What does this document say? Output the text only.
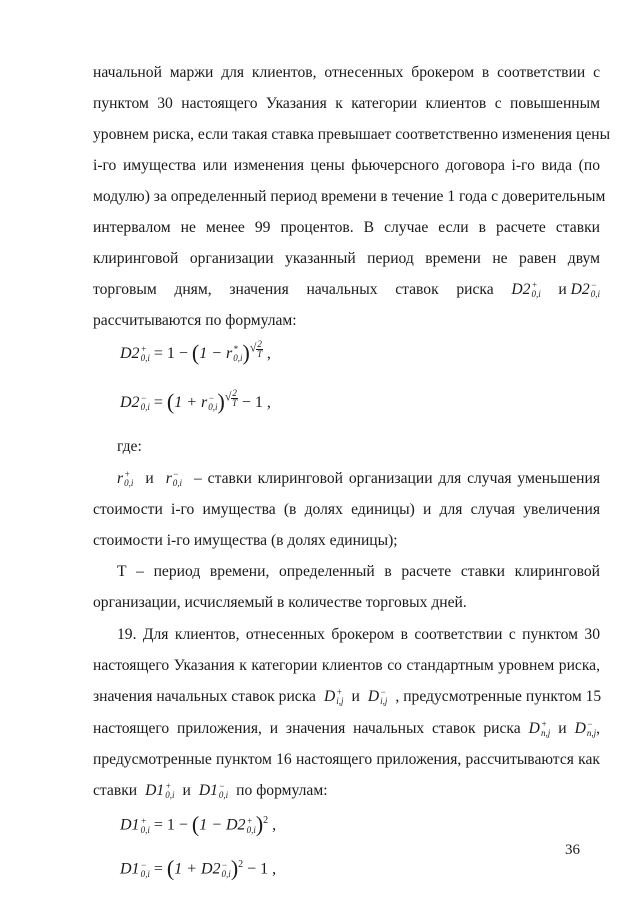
начальной маржи для клиентов, отнесенных брокером в соответствии с
пунктом 30 настоящего Указания к категории клиентов с повышенным
уровнем риска, если такая ставка превышает соответственно изменения цены
i-го имущества или изменения цены фьючерсного договора i-го вида (по
модулю) за определенный период времени в течение 1 года с доверительным
интервалом не менее 99 процентов. В случае если в расчете ставки
клиринговой организации указанный период времени не равен двум
торговым дням, значения начальных ставок риска D2 +
0,i и D2 −
0,i
рассчитываются по формулам:
D2 +
0,i = 1 − (1 − r *
0,i )√ $\frac{2}{T}$ ,
D2 −
0,i = (1 + r −
0,i )√ $\frac{2}{T} - 1$ ,
где:
r +
0,i и r −
0,i – ставки клиринговой организации для случая уменьшения
стоимости i-го имущества (в долях единицы) и для случая увеличения
стоимости i-го имущества (в долях единицы);
Т – период времени, определенный в расчете ставки клиринговой
организации, исчисляемый в количестве торговых дней.
19. Для клиентов, отнесенных брокером в соответствии с пунктом 30
настоящего Указания к категории клиентов со стандартным уровнем риска,
значения начальных ставок риска D +
i,j и D −
i,j , предусмотренные пунктом 15
настоящего приложения, и значения начальных ставок риска D +
n,j и D −
n,j ,
предусмотренные пунктом 16 настоящего приложения, рассчитываются как
ставки D1 +
0,i и D1 −
0,i по формулам:
D1 +
0,i = 1 − (1 − D2 +
0,i )$^2$ ,
D1 −
0,i = (1 + D2 −
0,i )$^2$ − 1 ,
36
